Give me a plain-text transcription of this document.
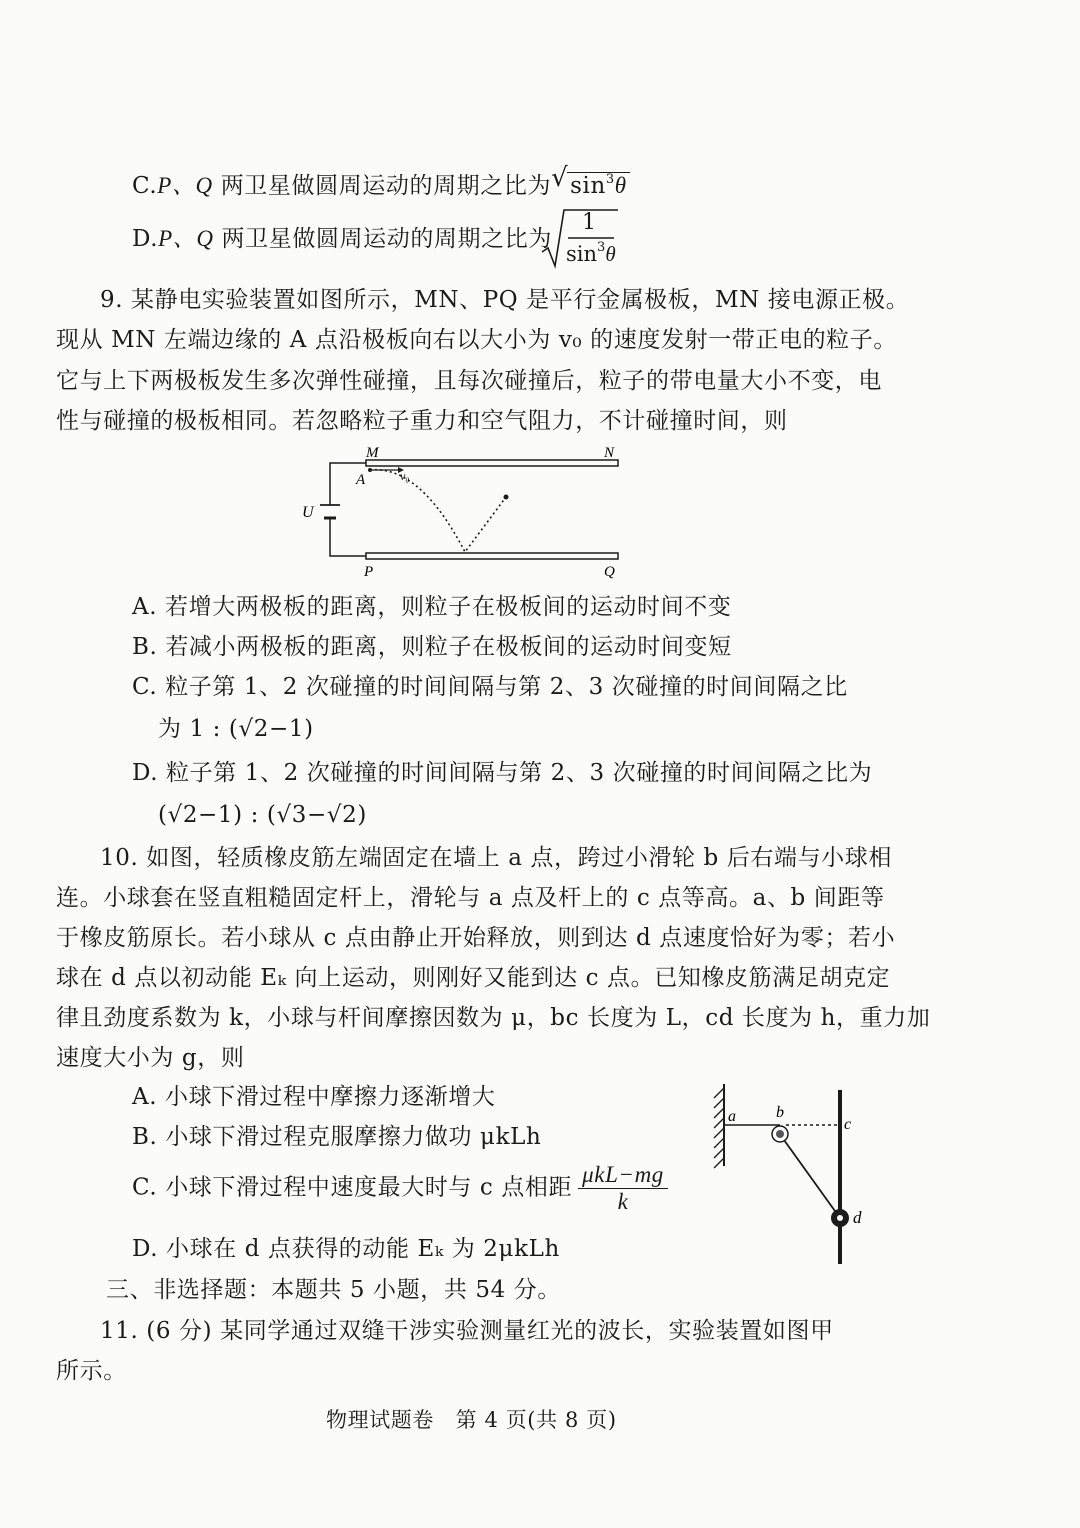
C.P、Q 两卫星做圆周运动的周期之比为 √ $\sin^3\theta$
D.P、Q 两卫星做圆周运动的周期之比为
1
$\sin^3\theta$
9. 某静电实验装置如图所示，MN、PQ 是平行金属极板，MN 接电源正极。
现从 MN 左端边缘的 A 点沿极板向右以大小为 v₀ 的速度发射一带正电的粒子。
它与上下两极板发生多次弹性碰撞，且每次碰撞后，粒子的带电量大小不变，电
性与碰撞的极板相同。若忽略粒子重力和空气阻力，不计碰撞时间，则
M	N
A	v₀
U
P	Q
A. 若增大两极板的距离，则粒子在极板间的运动时间不变
B. 若减小两极板的距离，则粒子在极板间的运动时间变短
C. 粒子第 1、2 次碰撞的时间间隔与第 2、3 次碰撞的时间间隔之比
为 1 : (√2−1)
D. 粒子第 1、2 次碰撞的时间间隔与第 2、3 次碰撞的时间间隔之比为
(√2−1) : (√3−√2)
10. 如图，轻质橡皮筋左端固定在墙上 a 点，跨过小滑轮 b 后右端与小球相
连。小球套在竖直粗糙固定杆上，滑轮与 a 点及杆上的 c 点等高。a、b 间距等
于橡皮筋原长。若小球从 c 点由静止开始释放，则到达 d 点速度恰好为零；若小
球在 d 点以初动能 Eₖ 向上运动，则刚好又能到达 c 点。已知橡皮筋满足胡克定
律且劲度系数为 k，小球与杆间摩擦因数为 μ，bc 长度为 L，cd 长度为 h，重力加
速度大小为 g，则
A. 小球下滑过程中摩擦力逐渐增大
B. 小球下滑过程克服摩擦力做功 μkLh
C. 小球下滑过程中速度最大时与 c 点相距 $\frac{\text{μkL−mg}}{k}$
D. 小球在 d 点获得的动能 Eₖ 为 2μkLh
a	b
c
d
三、非选择题：本题共 5 小题，共 54 分。
11. (6 分) 某同学通过双缝干涉实验测量红光的波长，实验装置如图甲
所示。
物理试题卷　第 4 页(共 8 页)
